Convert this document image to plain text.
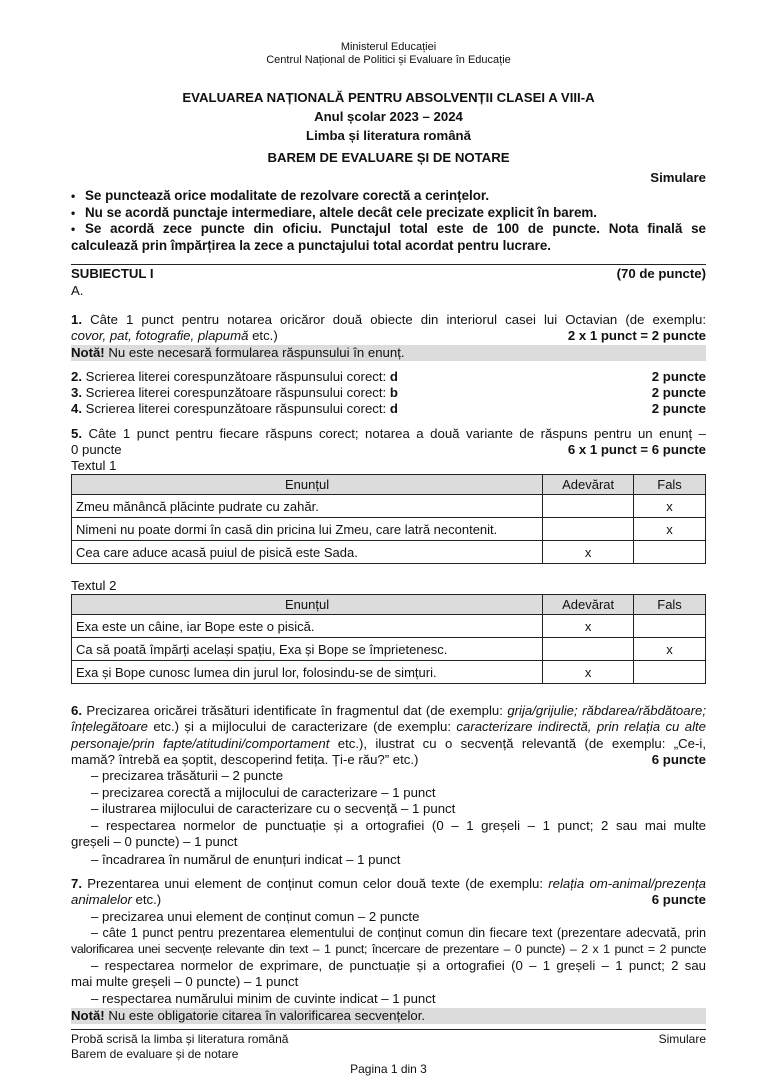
Ministerul Educației
Centrul Național de Politici și Evaluare în Educație
EVALUAREA NAȚIONALĂ PENTRU ABSOLVENȚII CLASEI A VIII-A
Anul școlar 2023 – 2024
Limba și literatura română
BAREM DE EVALUARE ȘI DE NOTARE
Simulare
• Se punctează orice modalitate de rezolvare corectă a cerințelor.
• Nu se acordă punctaje intermediare, altele decât cele precizate explicit în barem.
• Se acordă zece puncte din oficiu. Punctajul total este de 100 de puncte. Nota finală se
calculează prin împărțirea la zece a punctajului total acordat pentru lucrare.
SUBIECTUL I	(70 de puncte)
A.
1. Câte 1 punct pentru notarea oricăror două obiecte din interiorul casei lui Octavian (de exemplu:
covor, pat, fotografie, plapumă etc.)	2 x 1 punct = 2 puncte
Notă! Nu este necesară formularea răspunsului în enunț.
2. Scrierea literei corespunzătoare răspunsului corect: d	2 puncte
3. Scrierea literei corespunzătoare răspunsului corect: b	2 puncte
4. Scrierea literei corespunzătoare răspunsului corect: d	2 puncte
5. Câte 1 punct pentru fiecare răspuns corect; notarea a două variante de răspuns pentru un enunț –
0 puncte	6 x 1 punct = 6 puncte
Textul 1
Enunțul	Adevărat	Fals
Zmeu mănâncă plăcinte pudrate cu zahăr.		x
Nimeni nu poate dormi în casă din pricina lui Zmeu, care latră necontenit.		x
Cea care aduce acasă puiul de pisică este Sada.	x	
Textul 2
Enunțul	Adevărat	Fals
Exa este un câine, iar Bope este o pisică.	x	
Ca să poată împărți același spațiu, Exa și Bope se împrietenesc.		x
Exa și Bope cunosc lumea din jurul lor, folosindu-se de simțuri.	x	
6. Precizarea oricărei trăsături identificate în fragmentul dat (de exemplu: grija/grijulie; răbdarea/răbdătoare;
înțelegătoare etc.) și a mijlocului de caracterizare (de exemplu: caracterizare indirectă, prin relația cu alte
personaje/prin fapte/atitudini/comportament etc.), ilustrat cu o secvență relevantă (de exemplu: „Ce-i,
mamă? întrebă ea șoptit, descoperind fetița. Ți-e rău?” etc.)	6 puncte
– precizarea trăsăturii – 2 puncte
– precizarea corectă a mijlocului de caracterizare – 1 punct
– ilustrarea mijlocului de caracterizare cu o secvență – 1 punct
– respectarea normelor de punctuație și a ortografiei (0 – 1 greșeli – 1 punct; 2 sau mai multe
greșeli – 0 puncte) – 1 punct
– încadrarea în numărul de enunțuri indicat – 1 punct
7. Prezentarea unui element de conținut comun celor două texte (de exemplu: relația om-animal/prezența
animalelor etc.)	6 puncte
– precizarea unui element de conținut comun – 2 puncte
– câte 1 punct pentru prezentarea elementului de conținut comun din fiecare text (prezentare adecvată, prin
valorificarea unei secvențe relevante din text – 1 punct; încercare de prezentare – 0 puncte) – 2 x 1 punct = 2 puncte
– respectarea normelor de exprimare, de punctuație și a ortografiei (0 – 1 greșeli – 1 punct; 2 sau
mai multe greșeli – 0 puncte) – 1 punct
– respectarea numărului minim de cuvinte indicat – 1 punct
Notă! Nu este obligatorie citarea în valorificarea secvențelor.
Probă scrisă la limba și literatura română
Barem de evaluare și de notare
Simulare
Pagina 1 din 3
